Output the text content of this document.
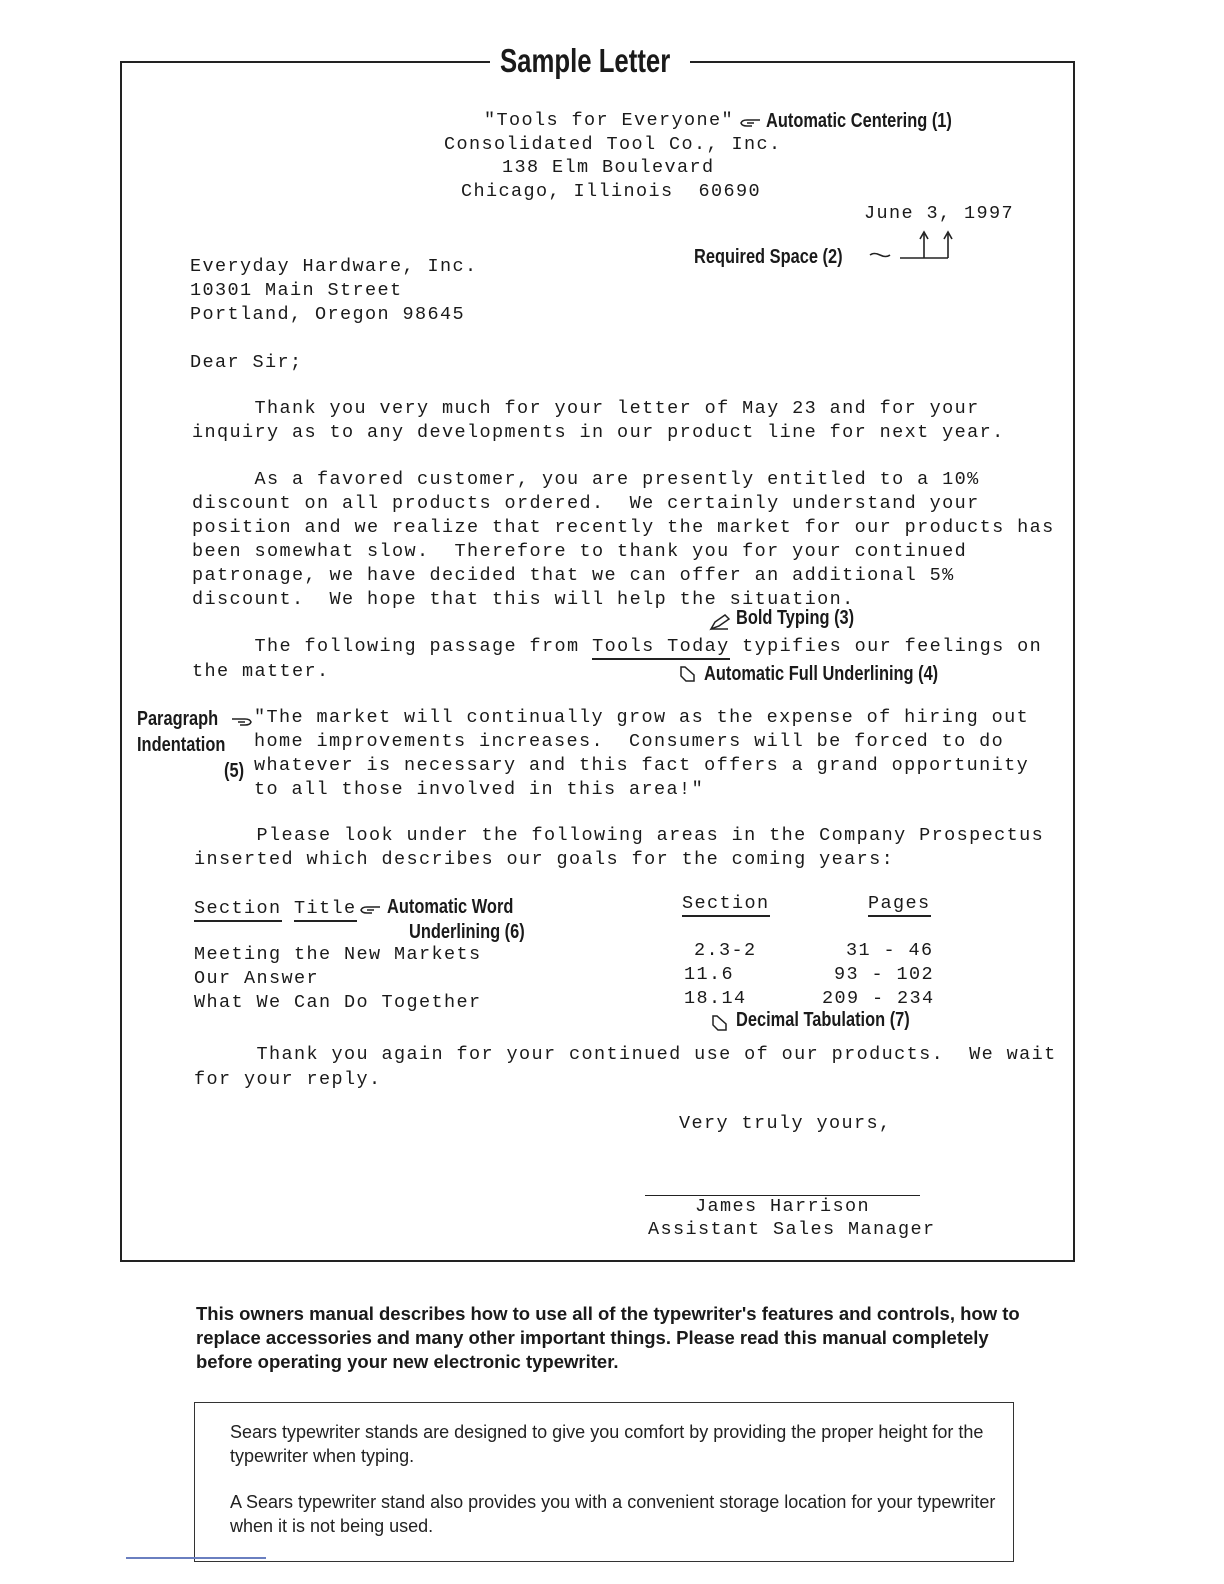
Sample Letter
"Tools for Everyone"
Consolidated Tool Co., Inc.
138 Elm Boulevard
Chicago, Illinois  60690
Automatic Centering (1)
June 3, 1997
Required Space (2)
Everyday Hardware, Inc.
10301 Main Street
Portland, Oregon 98645
Dear Sir;
Thank you very much for your letter of May 23 and for your
inquiry as to any developments in our product line for next year.
As a favored customer, you are presently entitled to a 10%
discount on all products ordered.  We certainly understand your
position and we realize that recently the market for our products has
been somewhat slow.  Therefore to thank you for your continued
patronage, we have decided that we can offer an additional 5%
discount.  We hope that this will help the situation.
Bold Typing (3)
The following passage from Tools Today typifies our feelings on
the matter.	Automatic Full Underlining (4)
Paragraph
Indentation
(5)
"The market will continually grow as the expense of hiring out
home improvements increases.  Consumers will be forced to do
whatever is necessary and this fact offers a grand opportunity
to all those involved in this area!"
Please look under the following areas in the Company Prospectus
inserted which describes our goals for the coming years:
Section Title Automatic Word
Underlining (6)
Section	Pages
Meeting the New Markets	2.3-2	31 - 46
Our Answer	11.6	93 - 102
What We Can Do Together	18.14	209 - 234
Decimal Tabulation (7)
Thank you again for your continued use of our products.  We wait
for your reply.
Very truly yours,
James Harrison
Assistant Sales Manager
This owners manual describes how to use all of the typewriter's features and controls, how to replace accessories and many other important things. Please read this manual completely before operating your new electronic typewriter.
Sears typewriter stands are designed to give you comfort by providing the proper height for the typewriter when typing.
A Sears typewriter stand also provides you with a convenient storage location for your typewriter when it is not being used.
